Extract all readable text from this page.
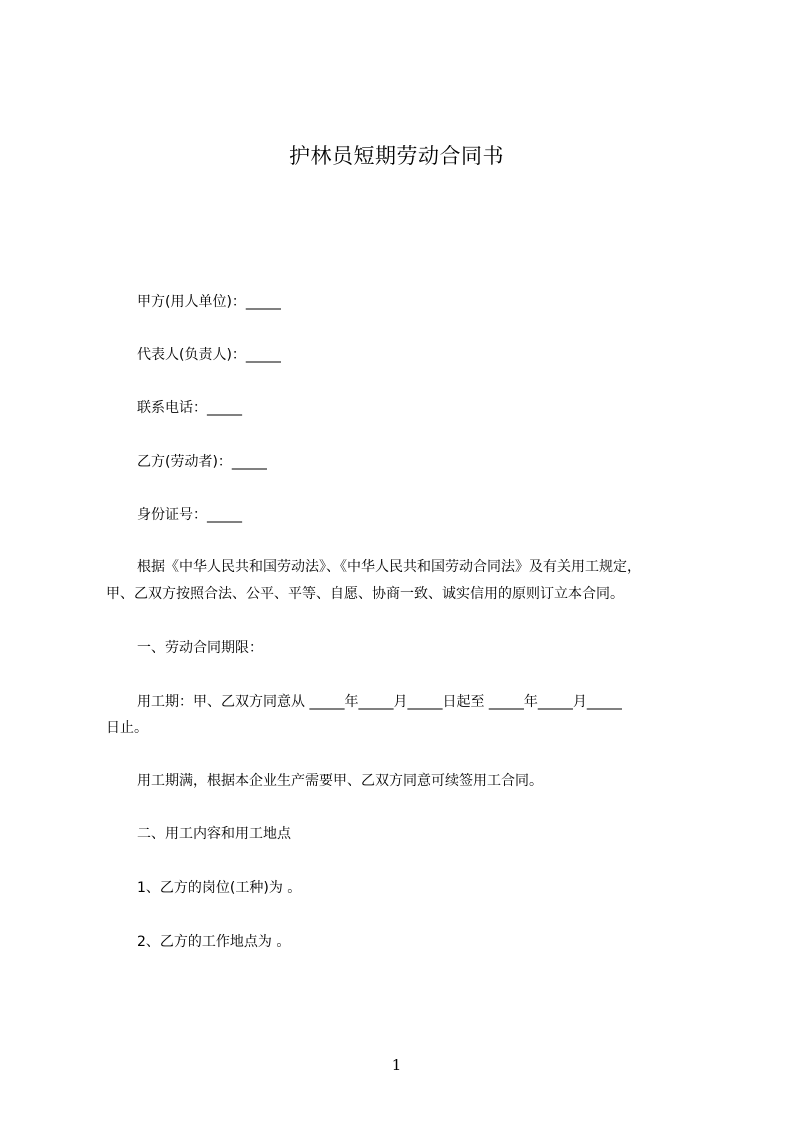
护林员短期劳动合同书
甲方(用人单位)：_____
代表人(负责人)：_____
联系电话：_____
乙方(劳动者)：_____
身份证号：_____
根据《中华人民共和国劳动法》、《中华人民共和国劳动合同法》及有关用工规定，
甲、乙双方按照合法、公平、平等、自愿、协商一致、诚实信用的原则订立本合同。
一、劳动合同期限：
用工期：甲、乙双方同意从 _____年_____月_____日起至 _____年_____月_____
日止。
用工期满，根据本企业生产需要甲、乙双方同意可续签用工合同。
二、用工内容和用工地点
1、乙方的岗位(工种)为 。
2、乙方的工作地点为 。
1
